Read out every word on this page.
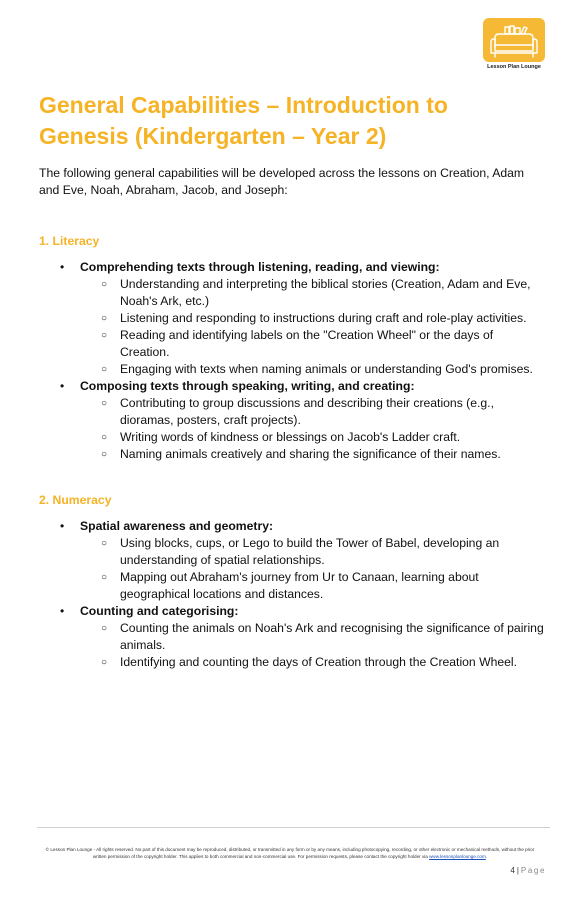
Lesson Plan Lounge
General Capabilities – Introduction to Genesis (Kindergarten – Year 2)

The following general capabilities will be developed across the lessons on Creation, Adam and Eve, Noah, Abraham, Jacob, and Joseph:

1. Literacy
• Comprehending texts through listening, reading, and viewing:
○ Understanding and interpreting the biblical stories (Creation, Adam and Eve, Noah's Ark, etc.)
○ Listening and responding to instructions during craft and role-play activities.
○ Reading and identifying labels on the "Creation Wheel" or the days of Creation.
○ Engaging with texts when naming animals or understanding God's promises.
• Composing texts through speaking, writing, and creating:
○ Contributing to group discussions and describing their creations (e.g., dioramas, posters, craft projects).
○ Writing words of kindness or blessings on Jacob's Ladder craft.
○ Naming animals creatively and sharing the significance of their names.
2. Numeracy
• Spatial awareness and geometry:
○ Using blocks, cups, or Lego to build the Tower of Babel, developing an understanding of spatial relationships.
○ Mapping out Abraham's journey from Ur to Canaan, learning about geographical locations and distances.
• Counting and categorising:
○ Counting the animals on Noah's Ark and recognising the significance of pairing animals.
○ Identifying and counting the days of Creation through the Creation Wheel.

© Lesson Plan Lounge - All rights reserved. No part of this document may be reproduced, distributed, or transmitted in any form or by any means, including photocopying, recording, or other electronic or mechanical methods, without the prior written permission of the copyright holder. This applies to both commercial and non-commercial use. For permission requests, please contact the copyright holder via www.lessonplanlounge.com.

4 | Page
